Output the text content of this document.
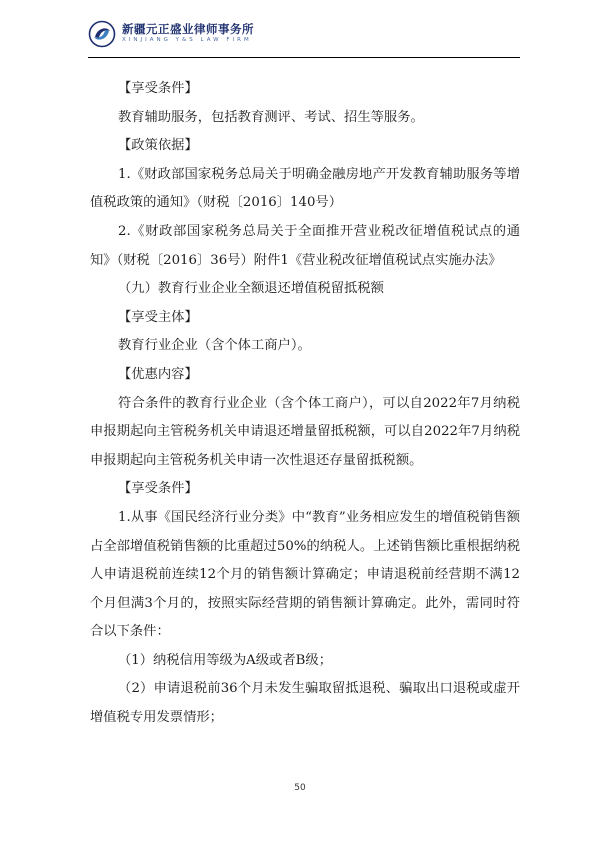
新疆元正盛业律师事务所
XINJIANG Y&S LAW FIRM

【享受条件】

教育辅助服务，包括教育测评、考试、招生等服务。

【政策依据】

1.《财政部国家税务总局关于明确金融房地产开发教育辅助服务等增值税政策的通知》（财税〔2016〕140号）

2.《财政部国家税务总局关于全面推开营业税改征增值税试点的通知》（财税〔2016〕36号）附件1《营业税改征增值税试点实施办法》

（九）教育行业企业全额退还增值税留抵税额

【享受主体】

教育行业企业（含个体工商户）。

【优惠内容】

符合条件的教育行业企业（含个体工商户），可以自2022年7月纳税申报期起向主管税务机关申请退还增量留抵税额，可以自2022年7月纳税申报期起向主管税务机关申请一次性退还存量留抵税额。

【享受条件】

1.从事《国民经济行业分类》中“教育”业务相应发生的增值税销售额占全部增值税销售额的比重超过50%的纳税人。上述销售额比重根据纳税人申请退税前连续12个月的销售额计算确定；申请退税前经营期不满12个月但满3个月的，按照实际经营期的销售额计算确定。此外，需同时符合以下条件：

（1）纳税信用等级为A级或者B级；

（2）申请退税前36个月未发生骗取留抵退税、骗取出口退税或虚开增值税专用发票情形；

50
